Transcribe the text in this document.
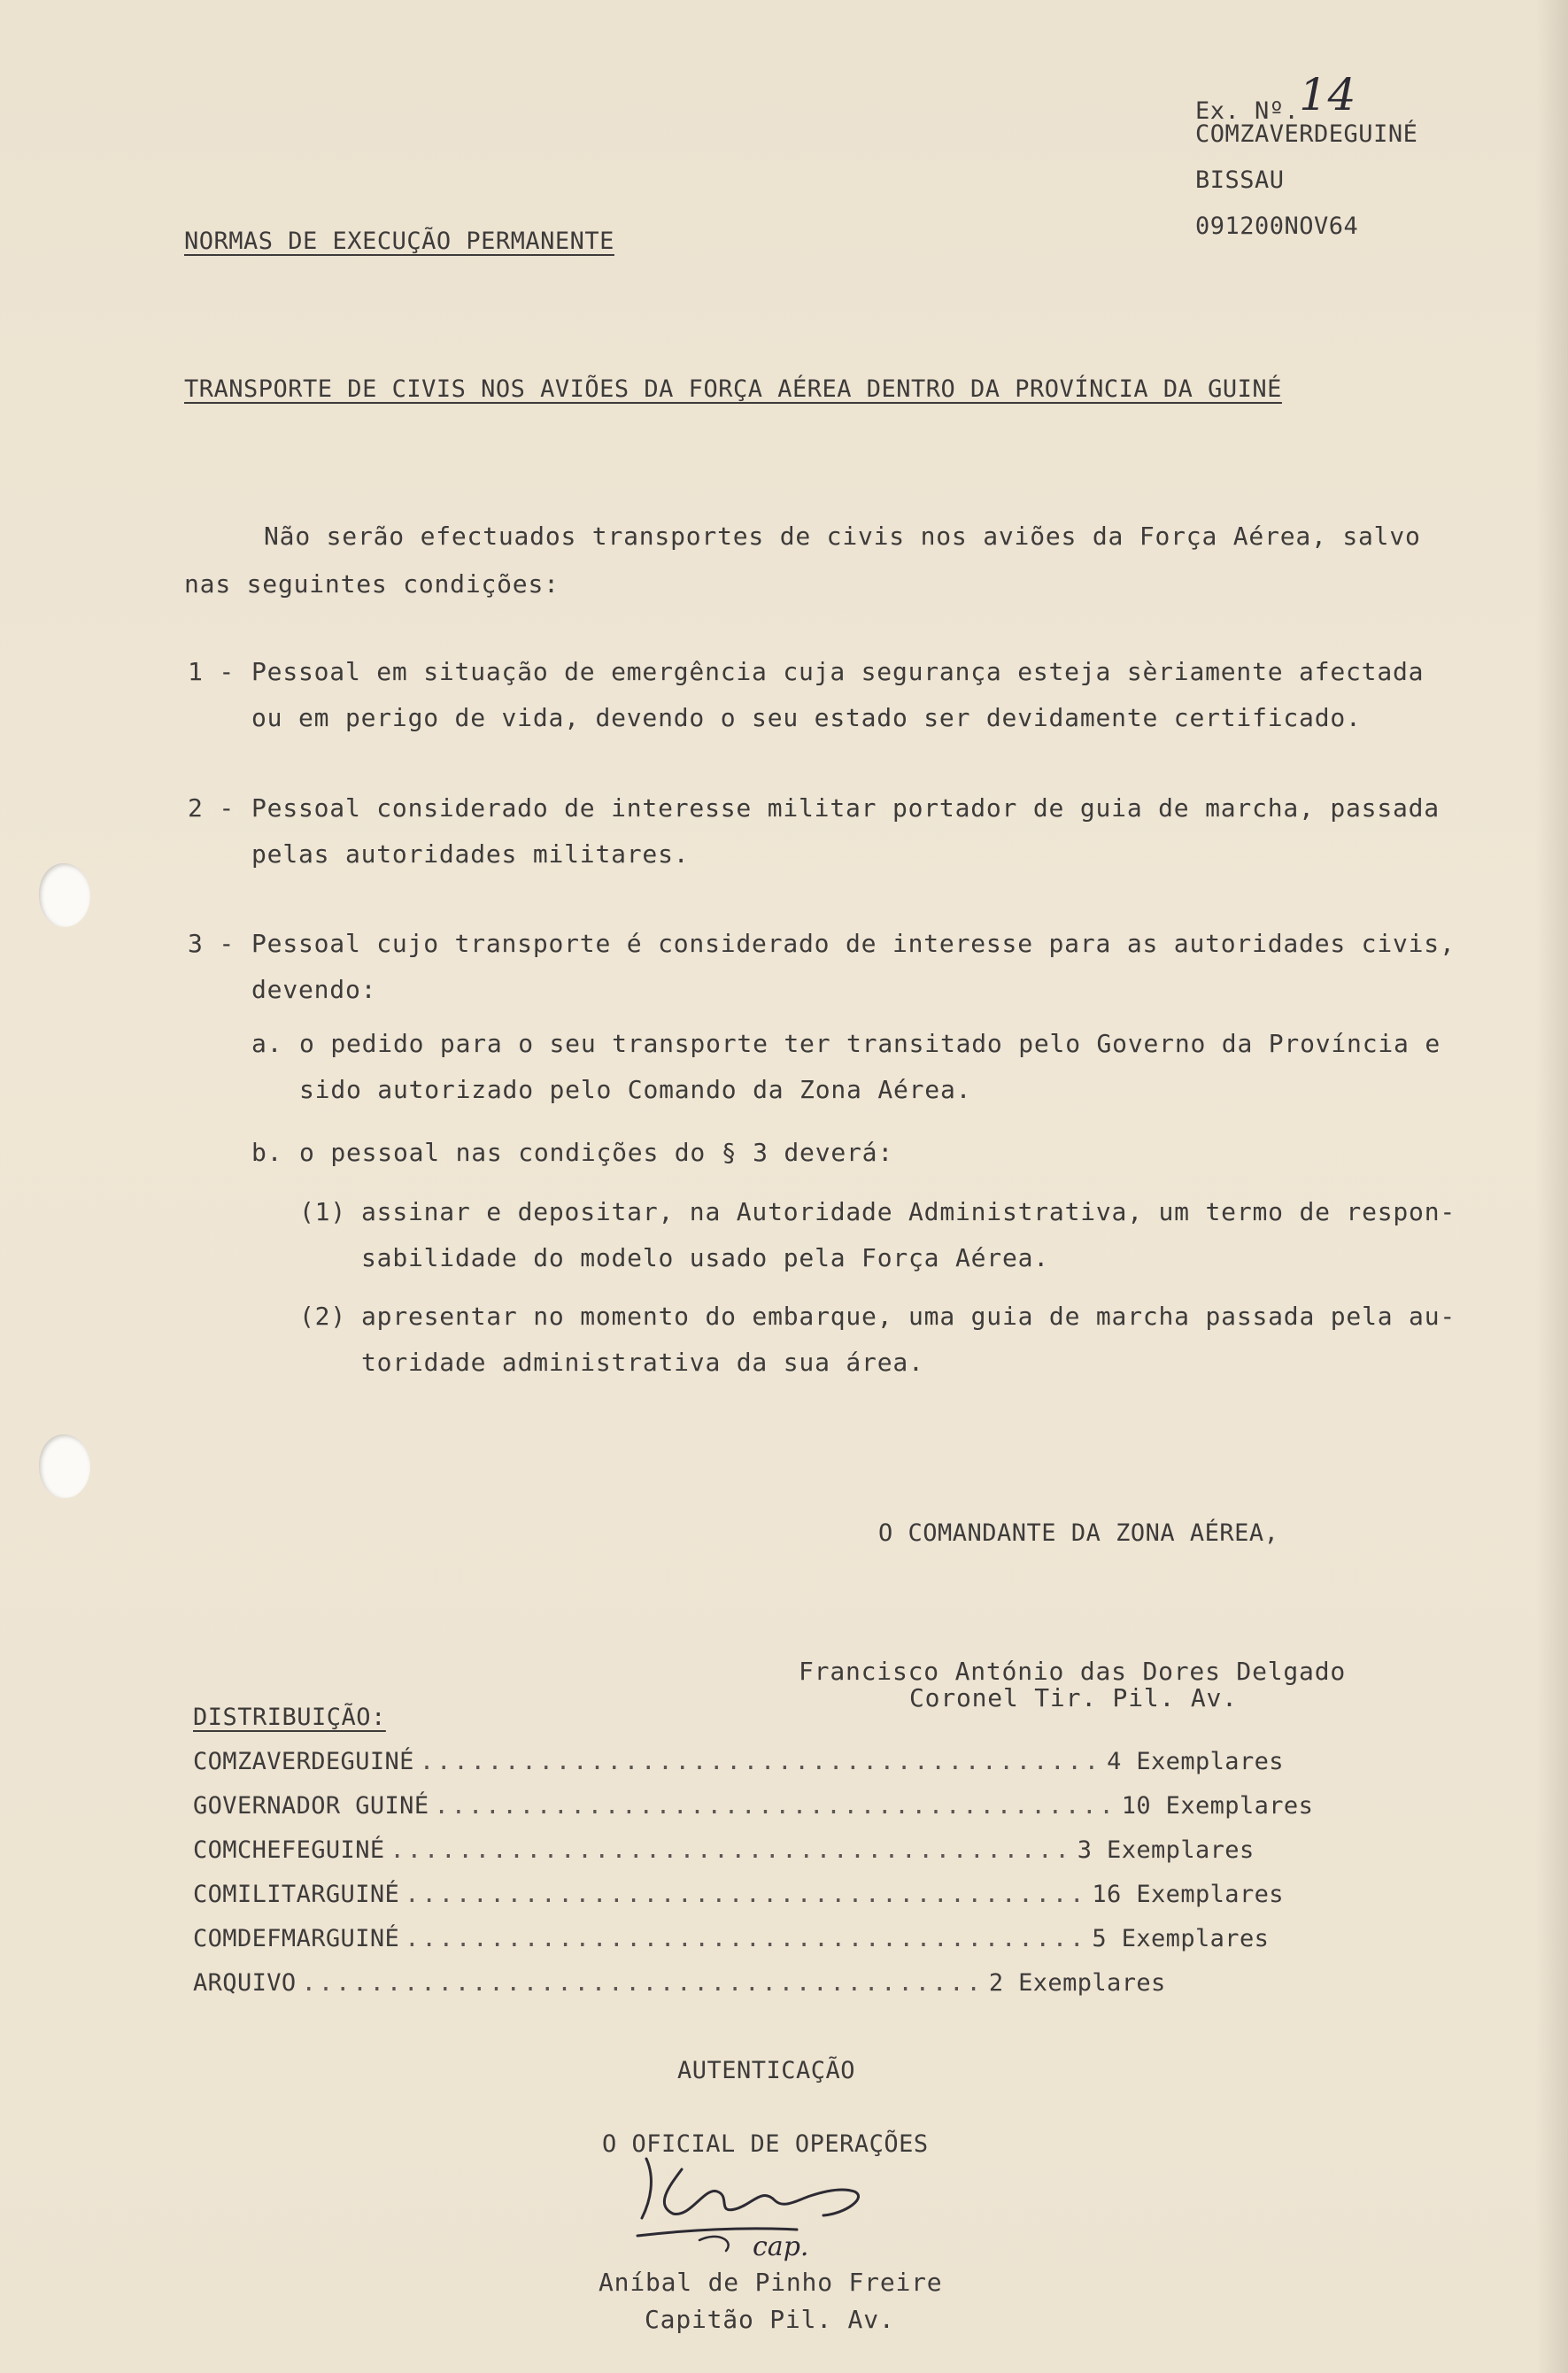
Ex. Nº.14
COMZAVERDEGUINÉ
BISSAU
091200NOV64
NORMAS DE EXECUÇÃO PERMANENTE
TRANSPORTE DE CIVIS NOS AVIÕES DA FORÇA AÉREA DENTRO DA PROVÍNCIA DA GUINÉ
Não serão efectuados transportes de civis nos aviões da Força Aérea, salvo
nas seguintes condições:
1 - Pessoal em situação de emergência cuja segurança esteja sèriamente afectada
ou em perigo de vida, devendo o seu estado ser devidamente certificado.
2 - Pessoal considerado de interesse militar portador de guia de marcha, passada
pelas autoridades militares.
3 - Pessoal cujo transporte é considerado de interesse para as autoridades civis,
devendo:
a. o pedido para o seu transporte ter transitado pelo Governo da Província e
sido autorizado pelo Comando da Zona Aérea.
b. o pessoal nas condições do § 3 deverá:
(1) assinar e depositar, na Autoridade Administrativa, um termo de respon-
sabilidade do modelo usado pela Força Aérea.
(2) apresentar no momento do embarque, uma guia de marcha passada pela au-
toridade administrativa da sua área.
O COMANDANTE DA ZONA AÉREA,
Francisco António das Dores Delgado
Coronel Tir. Pil. Av.
DISTRIBUIÇÃO:
COMZAVERDEGUINÉ ........................................ 4 Exemplares
GOVERNADOR GUINÉ ........................................ 10 Exemplares
COMCHEFEGUINÉ ........................................ 3 Exemplares
COMILITARGUINÉ ........................................ 16 Exemplares
COMDEFMARGUINÉ ........................................ 5 Exemplares
ARQUIVO ........................................ 2 Exemplares
AUTENTICAÇÃO
O OFICIAL DE OPERAÇÕES
cap.
Aníbal de Pinho Freire
Capitão Pil. Av.
